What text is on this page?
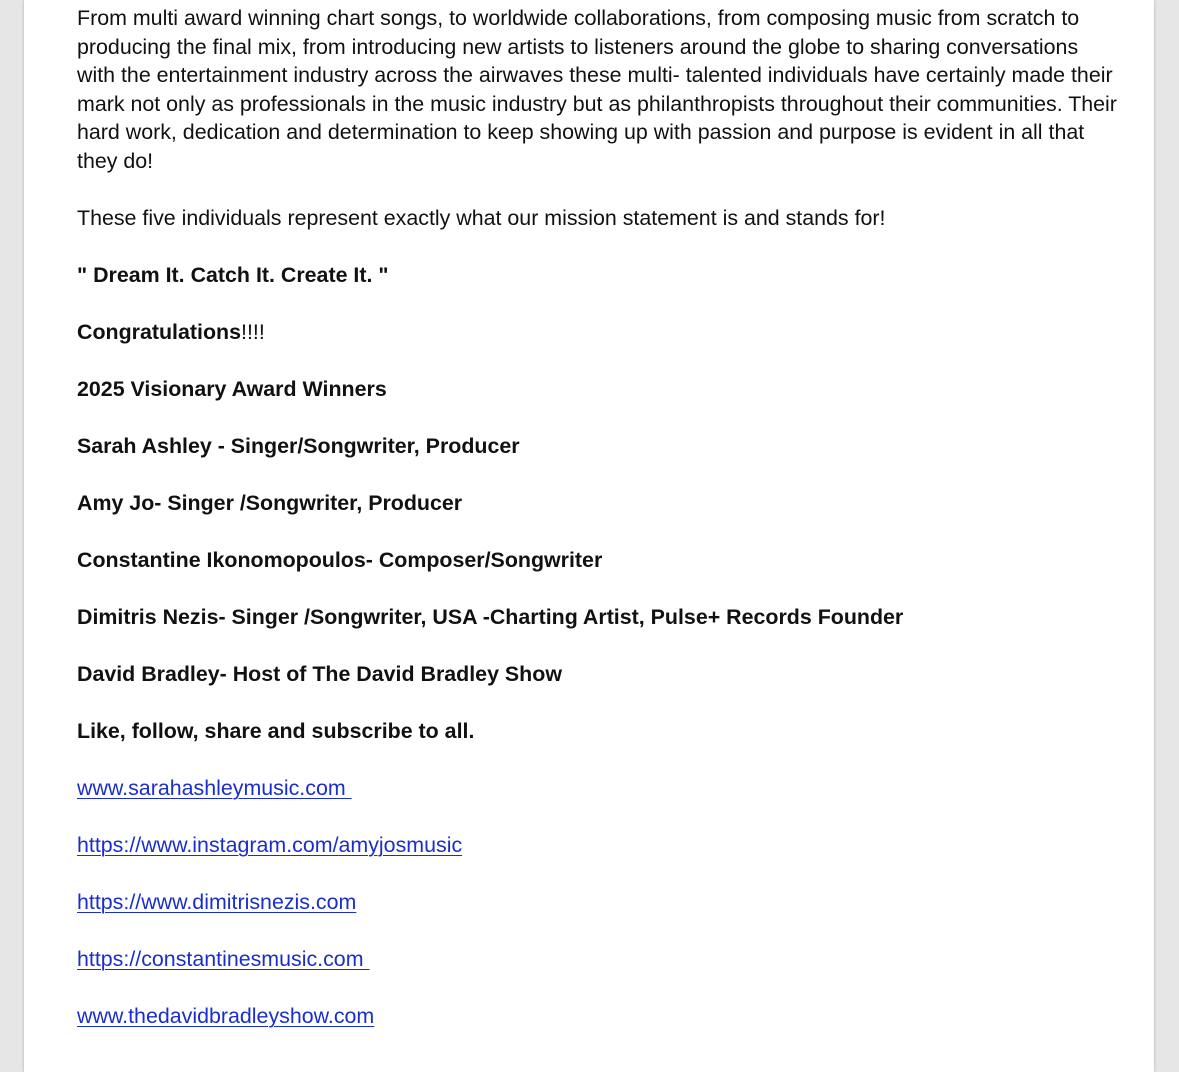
From multi award winning chart songs, to worldwide collaborations, from composing music from scratch to producing the final mix, from introducing new artists to listeners around the globe to sharing conversations with the entertainment industry across the airwaves these multi- talented individuals have certainly made their mark not only as professionals in the music industry but as philanthropists throughout their communities. Their hard work, dedication and determination to keep showing up with passion and purpose is evident in all that they do!

These five individuals represent exactly what our mission statement is and stands for!

" Dream It. Catch It. Create It. "

Congratulations!!!!

2025 Visionary Award Winners

Sarah Ashley - Singer/Songwriter, Producer

Amy Jo- Singer /Songwriter, Producer

Constantine Ikonomopoulos- Composer/Songwriter

Dimitris Nezis- Singer /Songwriter, USA -Charting Artist, Pulse+ Records Founder

David Bradley- Host of The David Bradley Show

Like, follow, share and subscribe to all.

www.sarahashleymusic.com

https://www.instagram.com/amyjosmusic

https://www.dimitrisnezis.com

https://constantinesmusic.com

www.thedavidbradleyshow.com
